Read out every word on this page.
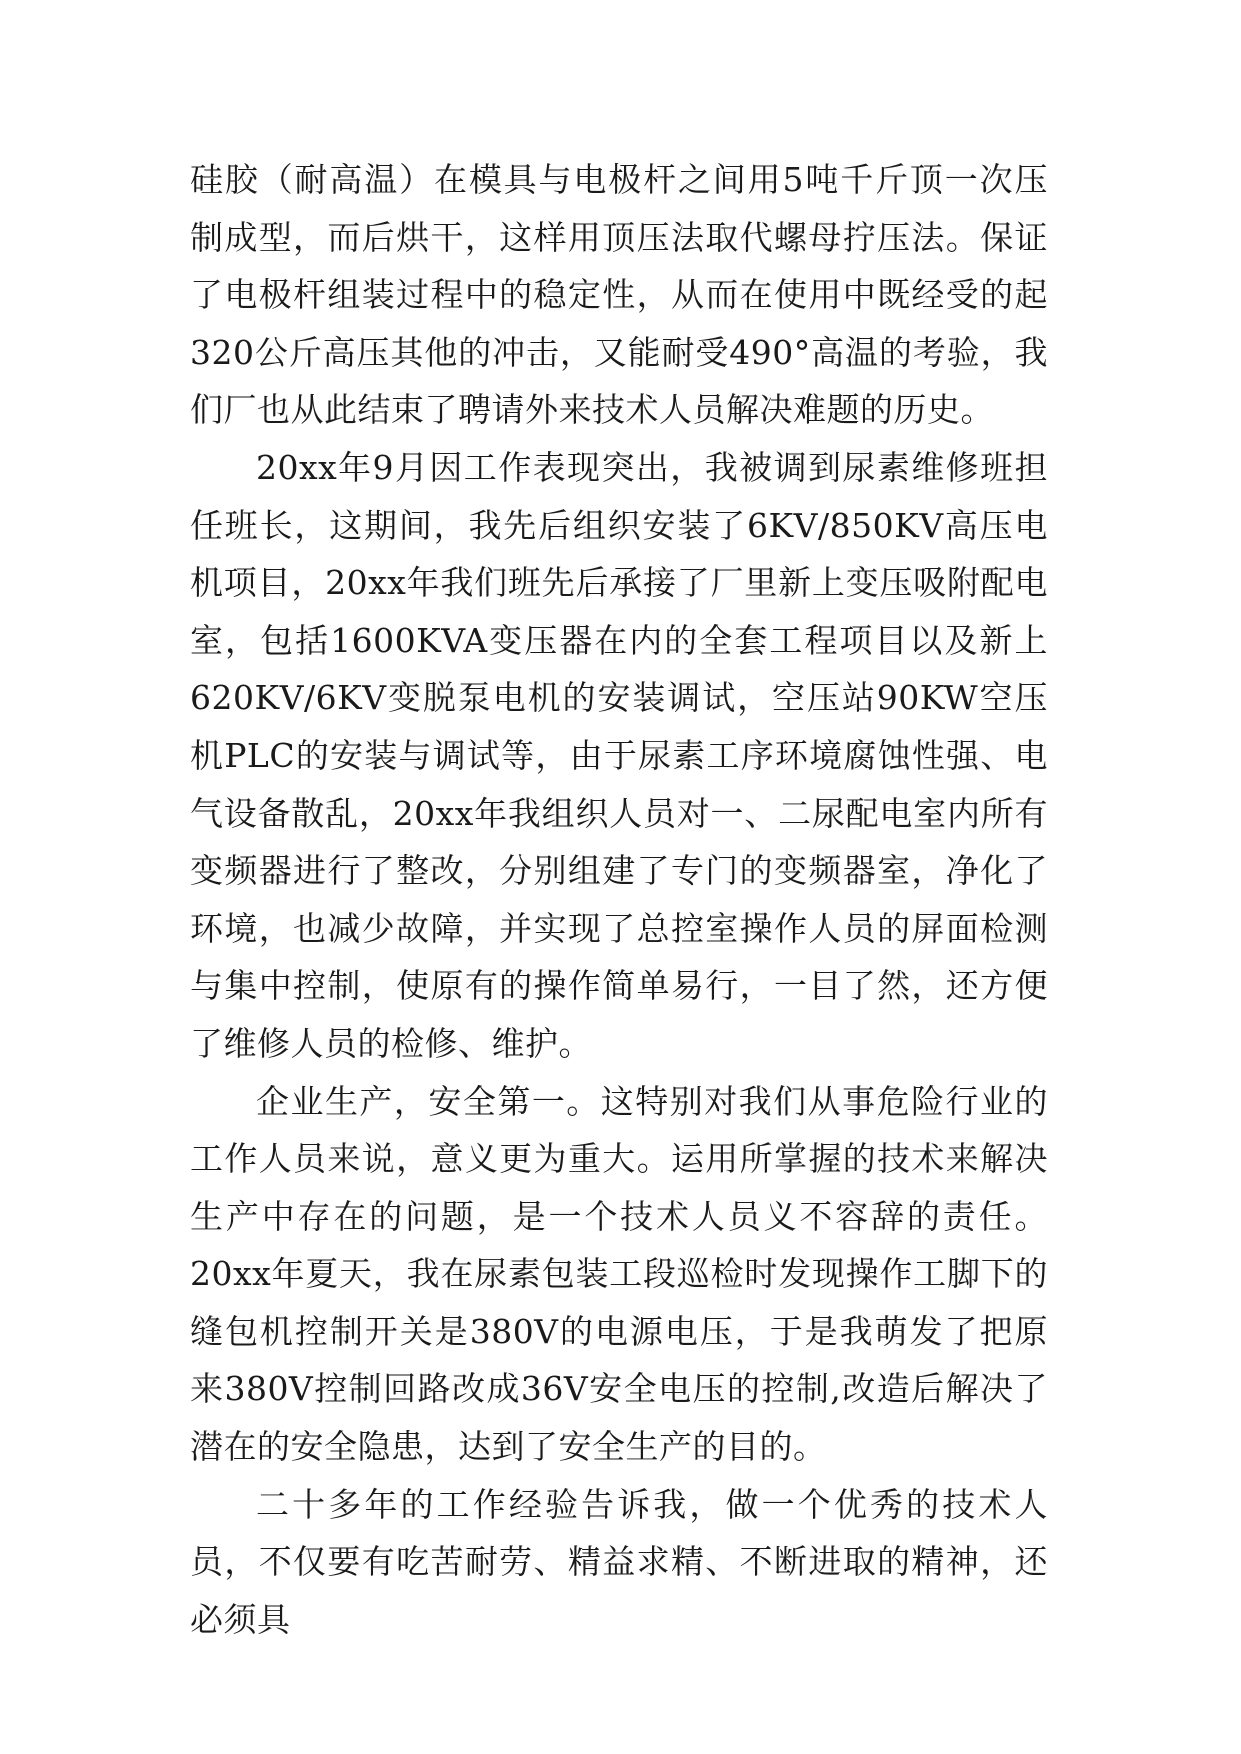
硅胶（耐高温）在模具与电极杆之间用5吨千斤顶一次压制成型，而后烘干，这样用顶压法取代螺母拧压法。保证了电极杆组装过程中的稳定性，从而在使用中既经受的起320公斤高压其他的冲击，又能耐受490°高温的考验，我们厂也从此结束了聘请外来技术人员解决难题的历史。

20xx年9月因工作表现突出，我被调到尿素维修班担任班长，这期间，我先后组织安装了6KV/850KV高压电机项目，20xx年我们班先后承接了厂里新上变压吸附配电室，包括1600KVA变压器在内的全套工程项目以及新上620KV/6KV变脱泵电机的安装调试，空压站90KW空压机PLC的安装与调试等，由于尿素工序环境腐蚀性强、电气设备散乱，20xx年我组织人员对一、二尿配电室内所有变频器进行了整改，分别组建了专门的变频器室，净化了环境，也减少故障，并实现了总控室操作人员的屏面检测与集中控制，使原有的操作简单易行，一目了然，还方便了维修人员的检修、维护。

企业生产，安全第一。这特别对我们从事危险行业的工作人员来说，意义更为重大。运用所掌握的技术来解决生产中存在的问题，是一个技术人员义不容辞的责任。20xx年夏天，我在尿素包装工段巡检时发现操作工脚下的缝包机控制开关是380V的电源电压，于是我萌发了把原来380V控制回路改成36V安全电压的控制,改造后解决了潜在的安全隐患，达到了安全生产的目的。

二十多年的工作经验告诉我，做一个优秀的技术人员，不仅要有吃苦耐劳、精益求精、不断进取的精神，还必须具
